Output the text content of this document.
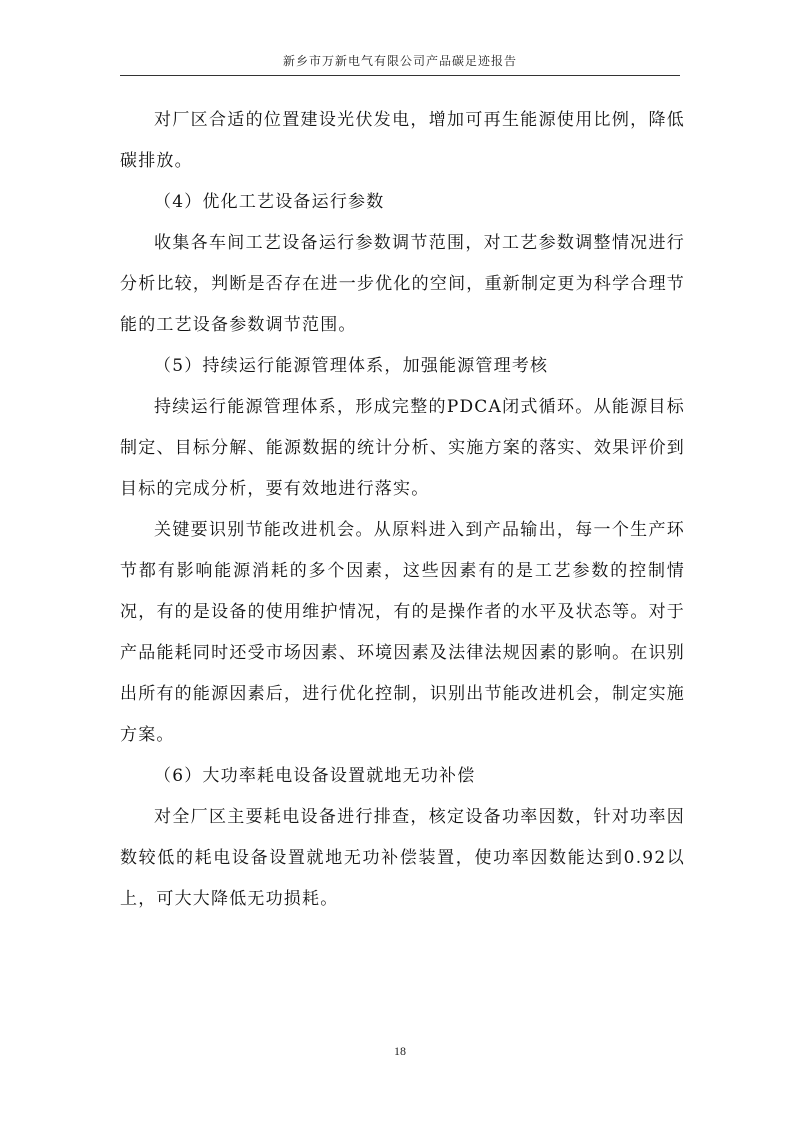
新乡市万新电气有限公司产品碳足迹报告

对厂区合适的位置建设光伏发电，增加可再生能源使用比例，降低碳排放。

（4）优化工艺设备运行参数

收集各车间工艺设备运行参数调节范围，对工艺参数调整情况进行分析比较，判断是否存在进一步优化的空间，重新制定更为科学合理节能的工艺设备参数调节范围。

（5）持续运行能源管理体系，加强能源管理考核

持续运行能源管理体系，形成完整的PDCA闭式循环。从能源目标制定、目标分解、能源数据的统计分析、实施方案的落实、效果评价到目标的完成分析，要有效地进行落实。

关键要识别节能改进机会。从原料进入到产品输出，每一个生产环节都有影响能源消耗的多个因素，这些因素有的是工艺参数的控制情况，有的是设备的使用维护情况，有的是操作者的水平及状态等。对于产品能耗同时还受市场因素、环境因素及法律法规因素的影响。在识别出所有的能源因素后，进行优化控制，识别出节能改进机会，制定实施方案。

（6）大功率耗电设备设置就地无功补偿

对全厂区主要耗电设备进行排查，核定设备功率因数，针对功率因数较低的耗电设备设置就地无功补偿装置，使功率因数能达到0.92以上，可大大降低无功损耗。

18
